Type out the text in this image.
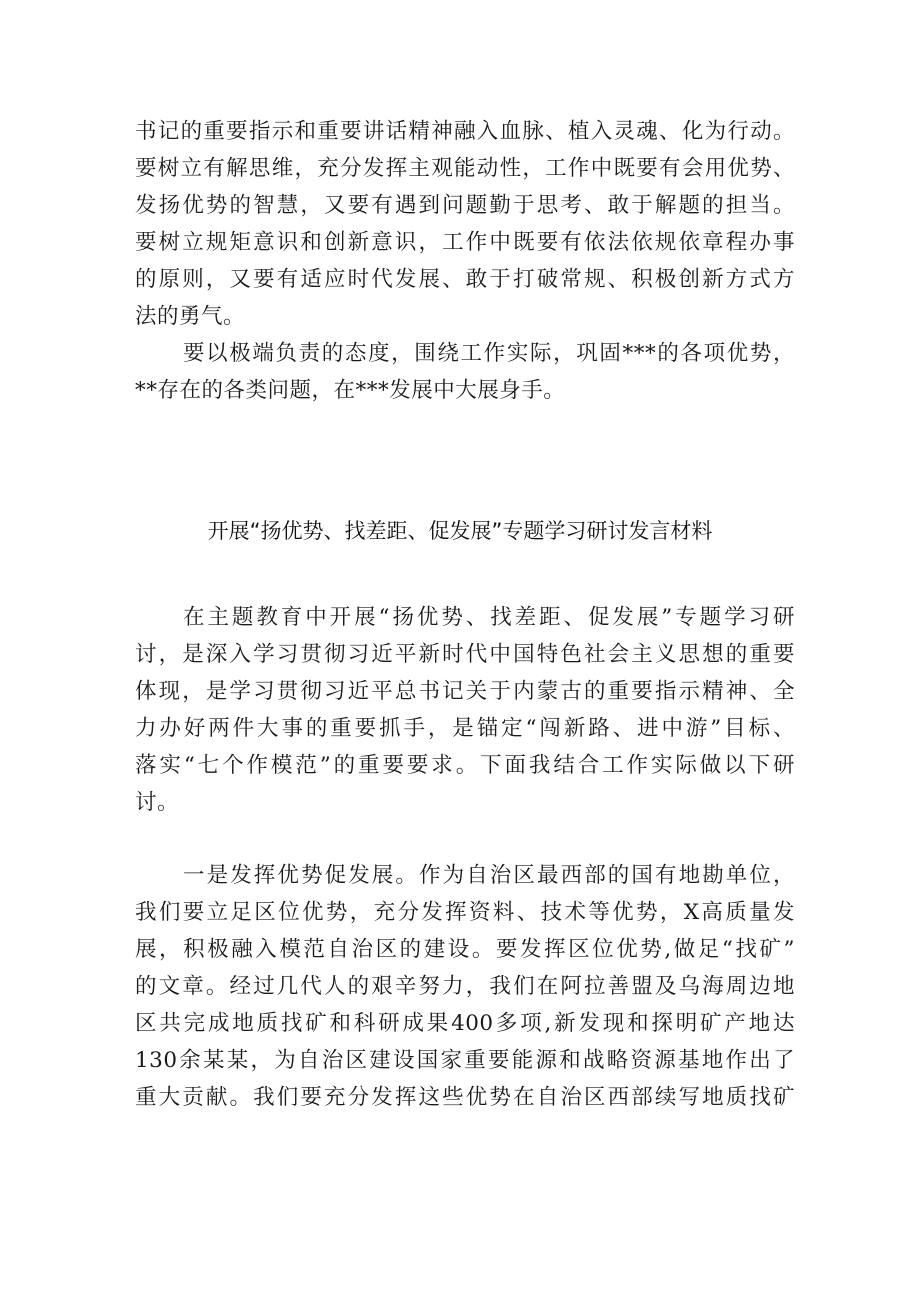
书记的重要指示和重要讲话精神融入血脉、植入灵魂、化为行动。
要树立有解思维，充分发挥主观能动性，工作中既要有会用优势、
发扬优势的智慧，又要有遇到问题勤于思考、敢于解题的担当。
要树立规矩意识和创新意识，工作中既要有依法依规依章程办事
的原则，又要有适应时代发展、敢于打破常规、积极创新方式方
法的勇气。
要以极端负责的态度，围绕工作实际，巩固***的各项优势，
**存在的各类问题，在***发展中大展身手。
开展“扬优势、找差距、促发展”专题学习研讨发言材料
在主题教育中开展“扬优势、找差距、促发展”专题学习研
讨，是深入学习贯彻习近平新时代中国特色社会主义思想的重要
体现，是学习贯彻习近平总书记关于内蒙古的重要指示精神、全
力办好两件大事的重要抓手，是锚定“闯新路、进中游”目标、
落实“七个作模范”的重要要求。下面我结合工作实际做以下研
讨。
一是发挥优势促发展。作为自治区最西部的国有地勘单位，
我们要立足区位优势，充分发挥资料、技术等优势，X高质量发
展，积极融入模范自治区的建设。要发挥区位优势,做足“找矿”
的文章。经过几代人的艰辛努力，我们在阿拉善盟及乌海周边地
区共完成地质找矿和科研成果400多项,新发现和探明矿产地达
130余某某，为自治区建设国家重要能源和战略资源基地作出了
重大贡献。我们要充分发挥这些优势在自治区西部续写地质找矿
